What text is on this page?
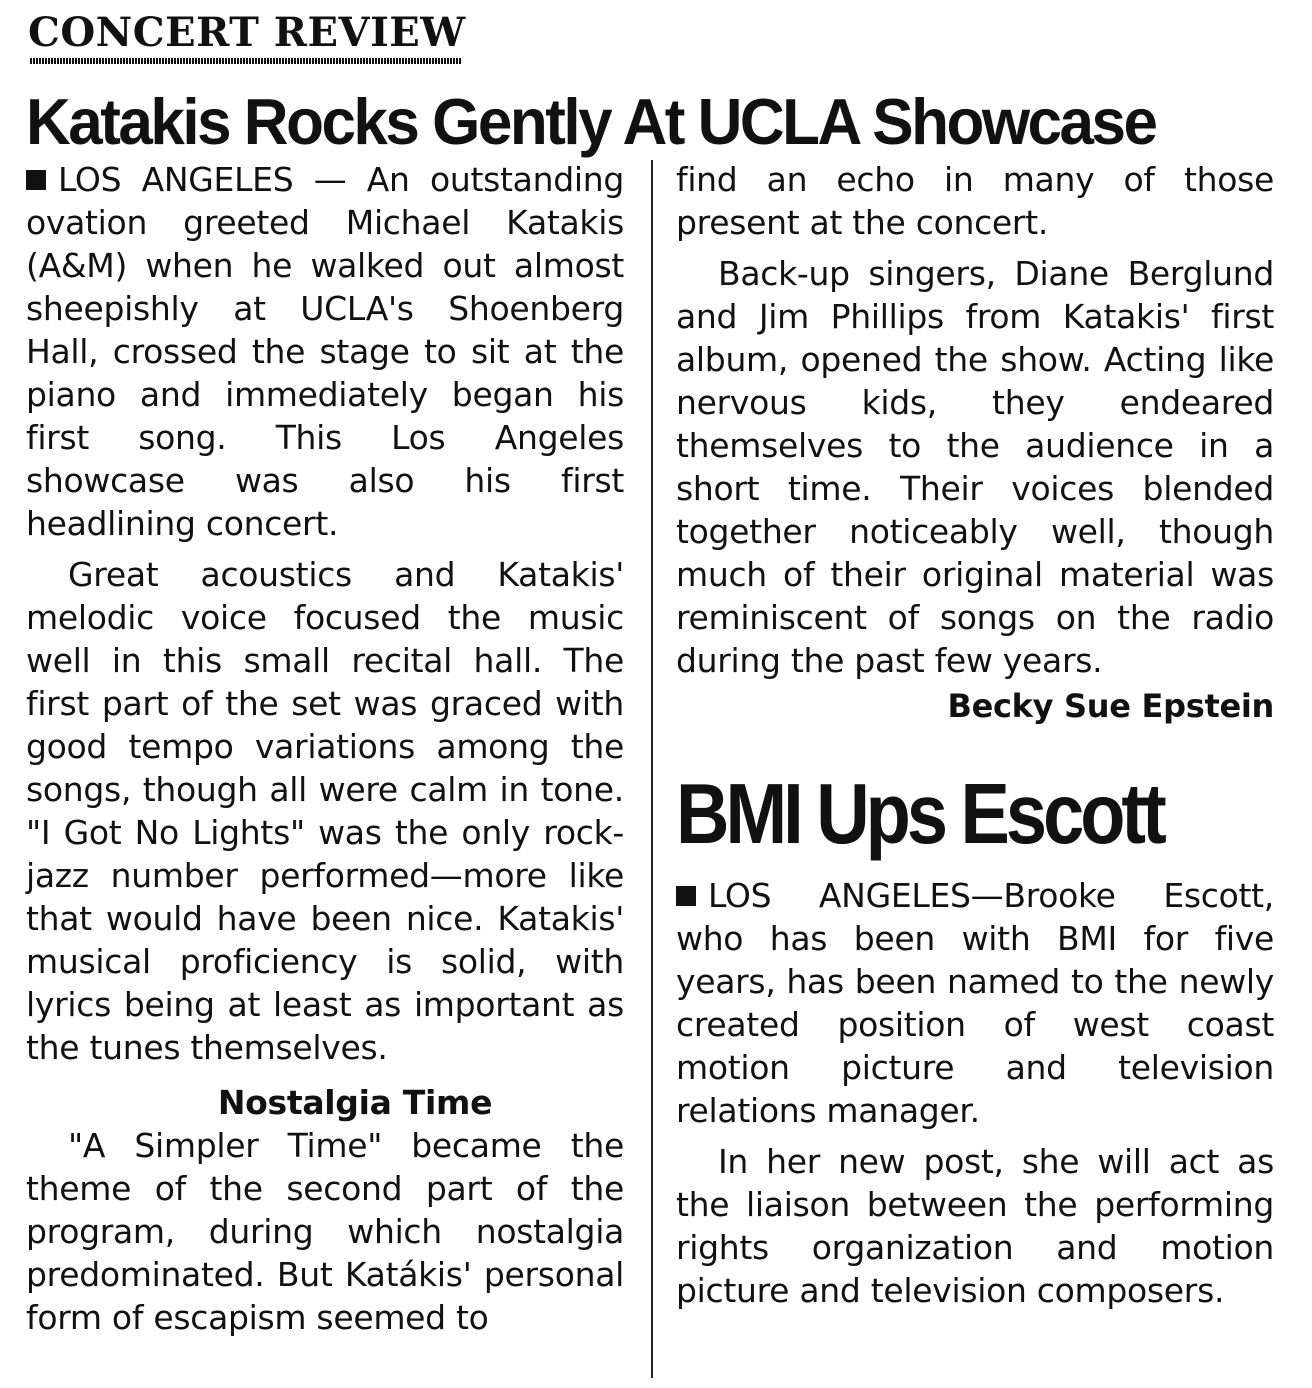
CONCERT REVIEW
Katakis Rocks Gently At UCLA Showcase

LOS ANGELES — An outstanding ovation greeted Michael Katakis (A&M) when he walked out almost sheepishly at UCLA's Shoenberg Hall, crossed the stage to sit at the piano and immediately began his first song. This Los Angeles showcase was also his first headlining concert.

Great acoustics and Katakis' melodic voice focused the music well in this small recital hall. The first part of the set was graced with good tempo variations among the songs, though all were calm in tone. "I Got No Lights" was the only rock-jazz number performed—more like that would have been nice. Katakis' musical proficiency is solid, with lyrics being at least as important as the tunes themselves.

Nostalgia Time

"A Simpler Time" became the theme of the second part of the program, during which nostalgia predominated. But Katákis' personal form of escapism seemed to

find an echo in many of those present at the concert.

Back-up singers, Diane Berglund and Jim Phillips from Katakis' first album, opened the show. Acting like nervous kids, they endeared themselves to the audience in a short time. Their voices blended together noticeably well, though much of their original material was reminiscent of songs on the radio during the past few years.

Becky Sue Epstein
BMI Ups Escott

LOS ANGELES—Brooke Escott, who has been with BMI for five years, has been named to the newly created position of west coast motion picture and television relations manager.

In her new post, she will act as the liaison between the performing rights organization and motion picture and television composers.
